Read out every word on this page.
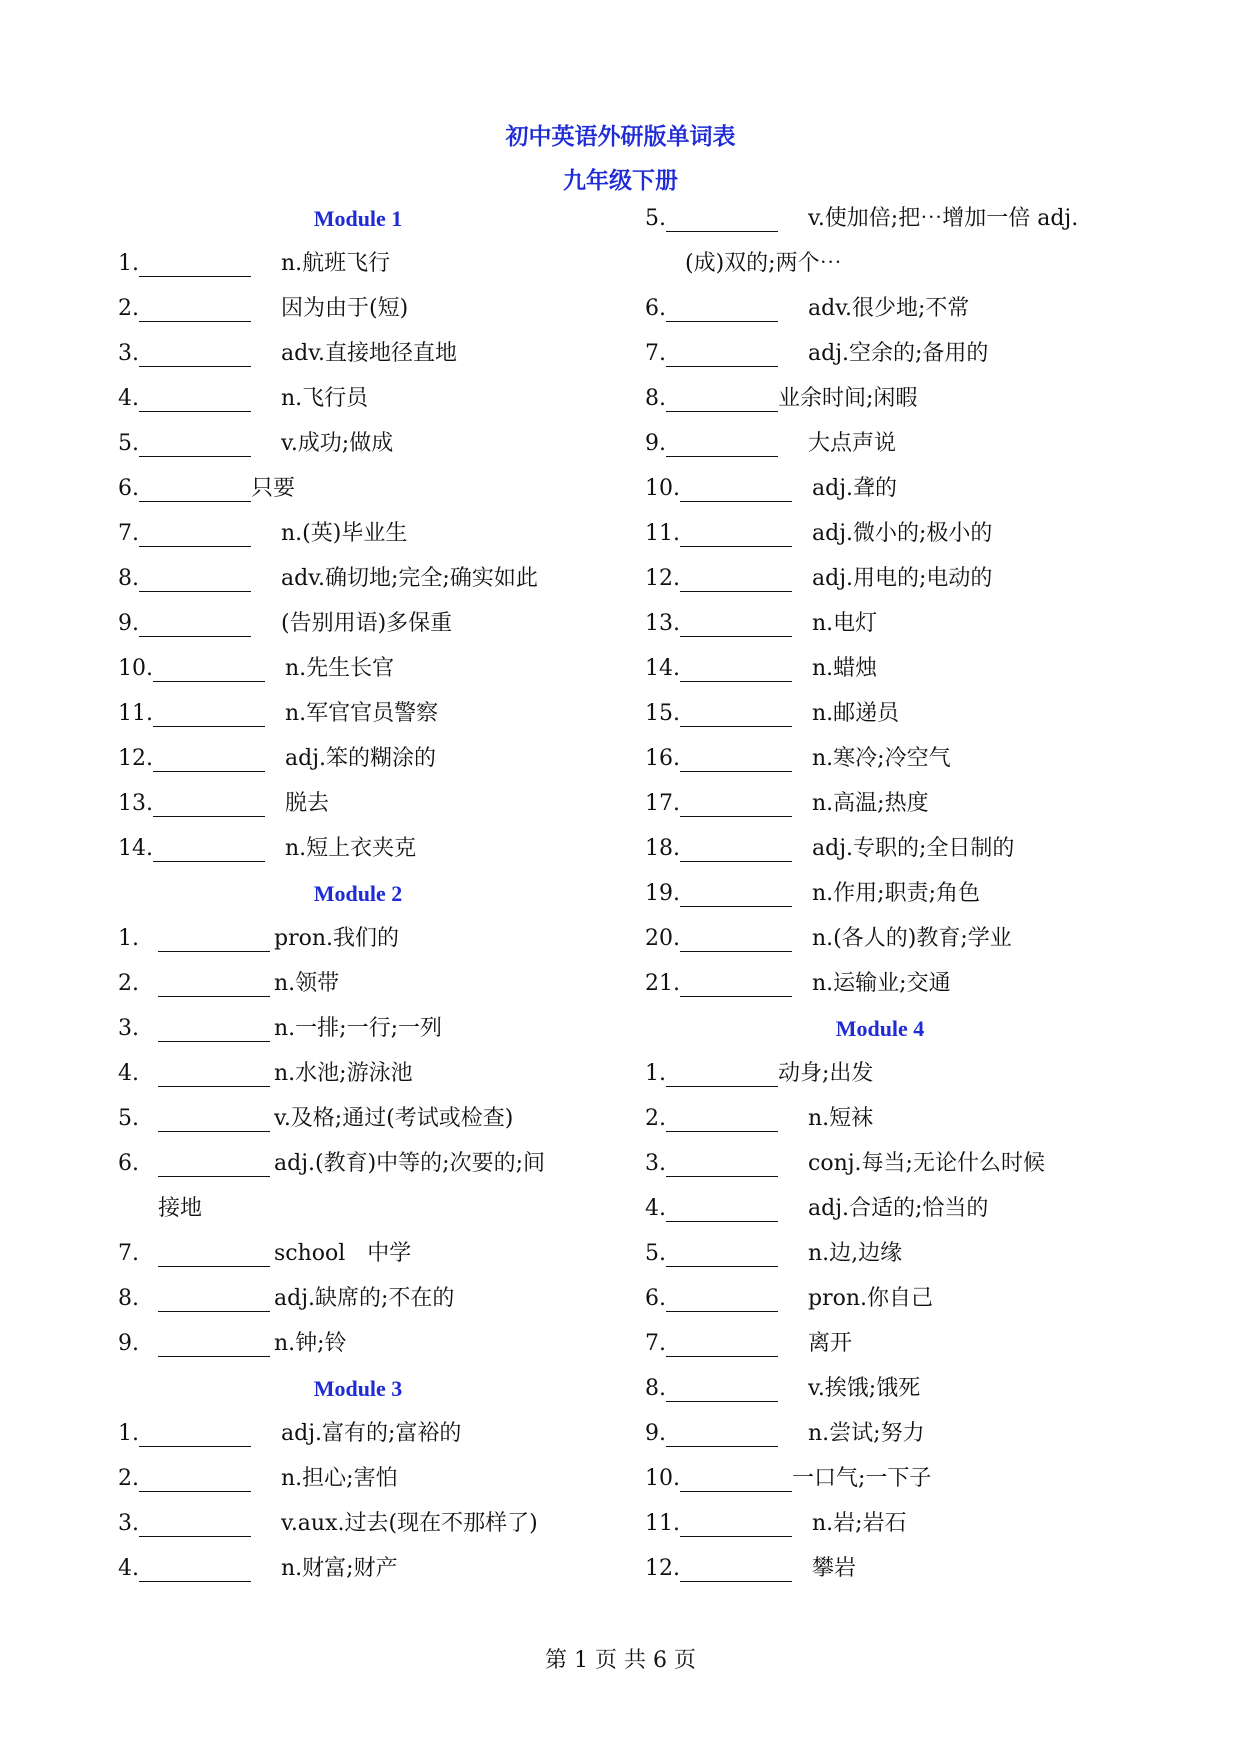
初中英语外研版单词表
九年级下册
Module 1
1.	n.航班飞行
2.	因为由于(短)
3.	adv.直接地径直地
4.	n.飞行员
5.	v.成功;做成
6.	只要
7.	n.(英)毕业生
8.	adv.确切地;完全;确实如此
9.	(告别用语)多保重
10.	n.先生长官
11.	n.军官官员警察
12.	adj.笨的糊涂的
13.	脱去
14.	n.短上衣夹克
Module 2
1.	pron.我们的
2.	n.领带
3.	n.一排;一行;一列
4.	n.水池;游泳池
5.	v.及格;通过(考试或检查)
6.	adj.(教育)中等的;次要的;间
接地
7.	school　中学
8.	adj.缺席的;不在的
9.	n.钟;铃
Module 3
1.	adj.富有的;富裕的
2.	n.担心;害怕
3.	v.aux.过去(现在不那样了)
4.	n.财富;财产
5.	v.使加倍;把⋯增加一倍 adj.
(成)双的;两个⋯
6.	adv.很少地;不常
7.	adj.空余的;备用的
8.	业余时间;闲暇
9.	大点声说
10.	adj.聋的
11.	adj.微小的;极小的
12.	adj.用电的;电动的
13.	n.电灯
14.	n.蜡烛
15.	n.邮递员
16.	n.寒冷;冷空气
17.	n.高温;热度
18.	adj.专职的;全日制的
19.	n.作用;职责;角色
20.	n.(各人的)教育;学业
21.	n.运输业;交通
Module 4
1.	动身;出发
2.	n.短袜
3.	conj.每当;无论什么时候
4.	adj.合适的;恰当的
5.	n.边,边缘
6.	pron.你自己
7.	离开
8.	v.挨饿;饿死
9.	n.尝试;努力
10.	一口气;一下子
11.	n.岩;岩石
12.	攀岩
第 1 页 共 6 页
